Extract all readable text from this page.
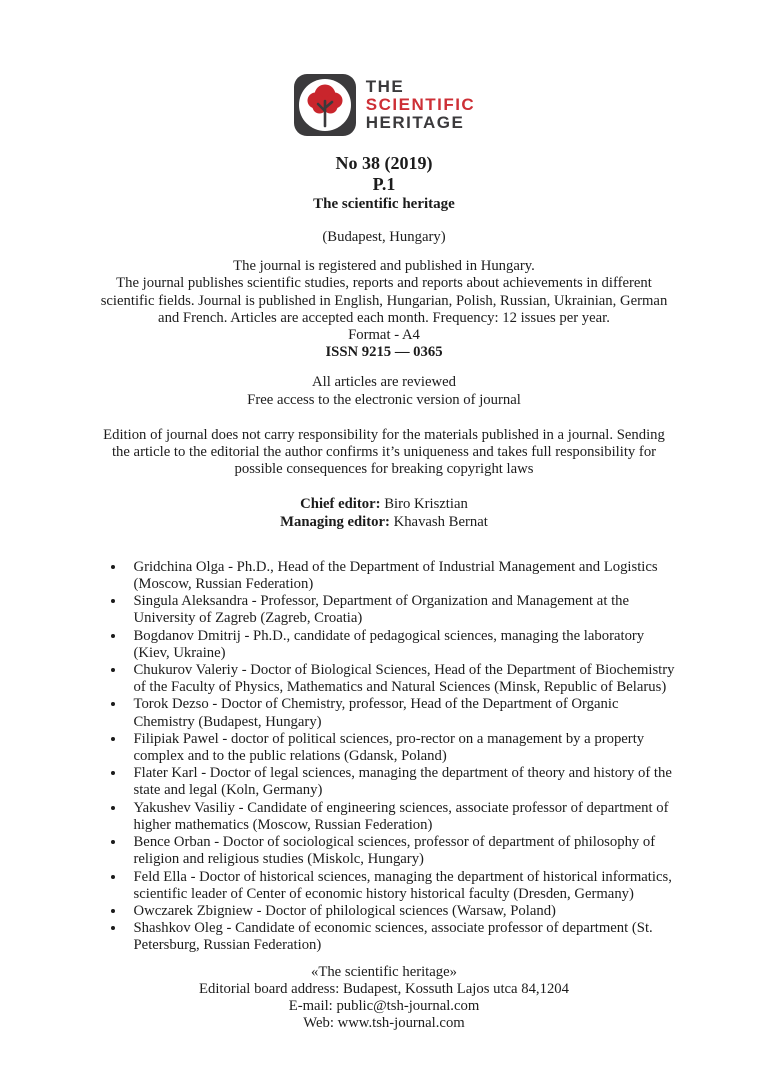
THE
SCIENTIFIC
HERITAGE
No 38 (2019)
P.1
The scientific heritage
(Budapest, Hungary)
The journal is registered and published in Hungary.
The journal publishes scientific studies, reports and reports about achievements in different scientific fields. Journal is published in English, Hungarian, Polish, Russian, Ukrainian, German and French. Articles are accepted each month. Frequency: 12 issues per year.
Format - A4
ISSN 9215 — 0365
All articles are reviewed
Free access to the electronic version of journal
Edition of journal does not carry responsibility for the materials published in a journal. Sending the article to the editorial the author confirms it’s uniqueness and takes full responsibility for possible consequences for breaking copyright laws
Chief editor: Biro Krisztian
Managing editor: Khavash Bernat
• Gridchina Olga - Ph.D., Head of the Department of Industrial Management and Logistics (Moscow, Russian Federation)
• Singula Aleksandra - Professor, Department of Organization and Management at the University of Zagreb (Zagreb, Croatia)
• Bogdanov Dmitrij - Ph.D., candidate of pedagogical sciences, managing the laboratory (Kiev, Ukraine)
• Chukurov Valeriy - Doctor of Biological Sciences, Head of the Department of Biochemistry of the Faculty of Physics, Mathematics and Natural Sciences (Minsk, Republic of Belarus)
• Torok Dezso - Doctor of Chemistry, professor, Head of the Department of Organic Chemistry (Budapest, Hungary)
• Filipiak Pawel - doctor of political sciences, pro-rector on a management by a property complex and to the public relations (Gdansk, Poland)
• Flater Karl - Doctor of legal sciences, managing the department of theory and history of the state and legal (Koln, Germany)
• Yakushev Vasiliy - Candidate of engineering sciences, associate professor of department of higher mathematics (Moscow, Russian Federation)
• Bence Orban - Doctor of sociological sciences, professor of department of philosophy of religion and religious studies (Miskolc, Hungary)
• Feld Ella - Doctor of historical sciences, managing the department of historical informatics, scientific leader of Center of economic history historical faculty (Dresden, Germany)
• Owczarek Zbigniew - Doctor of philological sciences (Warsaw, Poland)
• Shashkov Oleg - Candidate of economic sciences, associate professor of department (St. Petersburg, Russian Federation)
«The scientific heritage»
Editorial board address: Budapest, Kossuth Lajos utca 84,1204
E-mail: public@tsh-journal.com
Web: www.tsh-journal.com
